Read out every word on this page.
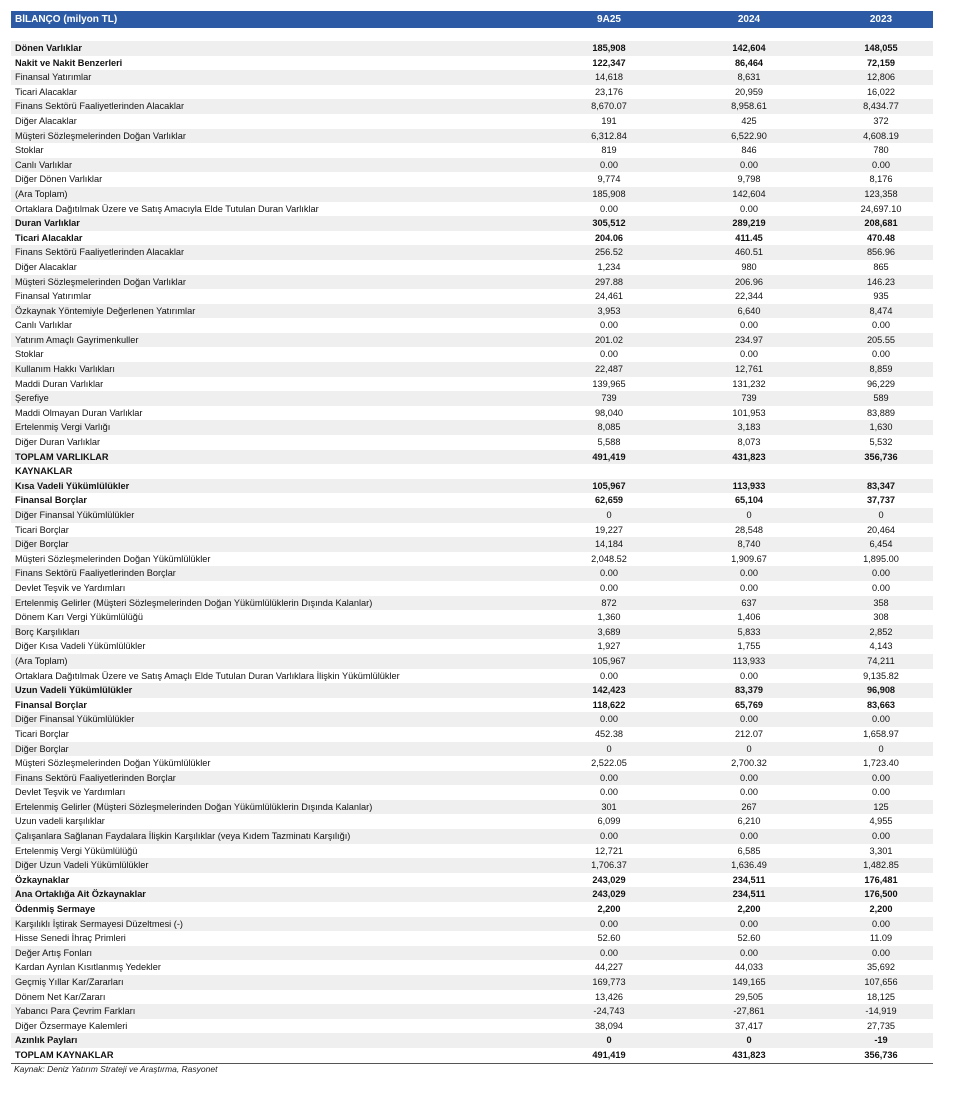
BİLANÇO (milyon TL)	9A25	2024	2023
Dönen Varlıklar	185,908	142,604	148,055
Nakit ve Nakit Benzerleri	122,347	86,464	72,159
Finansal Yatırımlar	14,618	8,631	12,806
Ticari Alacaklar	23,176	20,959	16,022
Finans Sektörü Faaliyetlerinden Alacaklar	8,670.07	8,958.61	8,434.77
Diğer Alacaklar	191	425	372
Müşteri Sözleşmelerinden Doğan Varlıklar	6,312.84	6,522.90	4,608.19
Stoklar	819	846	780
Canlı Varlıklar	0.00	0.00	0.00
Diğer Dönen Varlıklar	9,774	9,798	8,176
(Ara Toplam)	185,908	142,604	123,358
Ortaklara Dağıtılmak Üzere ve Satış Amacıyla Elde Tutulan Duran Varlıklar	0.00	0.00	24,697.10
Duran Varlıklar	305,512	289,219	208,681
Ticari Alacaklar	204.06	411.45	470.48
Finans Sektörü Faaliyetlerinden Alacaklar	256.52	460.51	856.96
Diğer Alacaklar	1,234	980	865
Müşteri Sözleşmelerinden Doğan Varlıklar	297.88	206.96	146.23
Finansal Yatırımlar	24,461	22,344	935
Özkaynak Yöntemiyle Değerlenen Yatırımlar	3,953	6,640	8,474
Canlı Varlıklar	0.00	0.00	0.00
Yatırım Amaçlı Gayrimenkuller	201.02	234.97	205.55
Stoklar	0.00	0.00	0.00
Kullanım Hakkı Varlıkları	22,487	12,761	8,859
Maddi Duran Varlıklar	139,965	131,232	96,229
Şerefiye	739	739	589
Maddi Olmayan Duran Varlıklar	98,040	101,953	83,889
Ertelenmiş Vergi Varlığı	8,085	3,183	1,630
Diğer Duran Varlıklar	5,588	8,073	5,532
TOPLAM VARLIKLAR	491,419	431,823	356,736
KAYNAKLAR
Kısa Vadeli Yükümlülükler	105,967	113,933	83,347
Finansal Borçlar	62,659	65,104	37,737
Diğer Finansal Yükümlülükler	0	0	0
Ticari Borçlar	19,227	28,548	20,464
Diğer Borçlar	14,184	8,740	6,454
Müşteri Sözleşmelerinden Doğan Yükümlülükler	2,048.52	1,909.67	1,895.00
Finans Sektörü Faaliyetlerinden Borçlar	0.00	0.00	0.00
Devlet Teşvik ve Yardımları	0.00	0.00	0.00
Ertelenmiş Gelirler (Müşteri Sözleşmelerinden Doğan Yükümlülüklerin Dışında Kalanlar)	872	637	358
Dönem Karı Vergi Yükümlülüğü	1,360	1,406	308
Borç Karşılıkları	3,689	5,833	2,852
Diğer Kısa Vadeli Yükümlülükler	1,927	1,755	4,143
(Ara Toplam)	105,967	113,933	74,211
Ortaklara Dağıtılmak Üzere ve Satış Amaçlı Elde Tutulan Duran Varlıklara İlişkin Yükümlülükler	0.00	0.00	9,135.82
Uzun Vadeli Yükümlülükler	142,423	83,379	96,908
Finansal Borçlar	118,622	65,769	83,663
Diğer Finansal Yükümlülükler	0.00	0.00	0.00
Ticari Borçlar	452.38	212.07	1,658.97
Diğer Borçlar	0	0	0
Müşteri Sözleşmelerinden Doğan Yükümlülükler	2,522.05	2,700.32	1,723.40
Finans Sektörü Faaliyetlerinden Borçlar	0.00	0.00	0.00
Devlet Teşvik ve Yardımları	0.00	0.00	0.00
Ertelenmiş Gelirler (Müşteri Sözleşmelerinden Doğan Yükümlülüklerin Dışında Kalanlar)	301	267	125
Uzun vadeli karşılıklar	6,099	6,210	4,955
Çalışanlara Sağlanan Faydalara İlişkin Karşılıklar (veya Kıdem Tazminatı Karşılığı)	0.00	0.00	0.00
Ertelenmiş Vergi Yükümlülüğü	12,721	6,585	3,301
Diğer Uzun Vadeli Yükümlülükler	1,706.37	1,636.49	1,482.85
Özkaynaklar	243,029	234,511	176,481
Ana Ortaklığa Ait Özkaynaklar	243,029	234,511	176,500
Ödenmiş Sermaye	2,200	2,200	2,200
Karşılıklı İştirak Sermayesi Düzeltmesi (-)	0.00	0.00	0.00
Hisse Senedi İhraç Primleri	52.60	52.60	11.09
Değer Artış Fonları	0.00	0.00	0.00
Kardan Ayrılan Kısıtlanmış Yedekler	44,227	44,033	35,692
Geçmiş Yıllar Kar/Zararları	169,773	149,165	107,656
Dönem Net Kar/Zararı	13,426	29,505	18,125
Yabancı Para Çevrim Farkları	-24,743	-27,861	-14,919
Diğer Özsermaye Kalemleri	38,094	37,417	27,735
Azınlık Payları	0	0	-19
TOPLAM KAYNAKLAR	491,419	431,823	356,736
Kaynak: Deniz Yatırım Strateji ve Araştırma, Rasyonet
